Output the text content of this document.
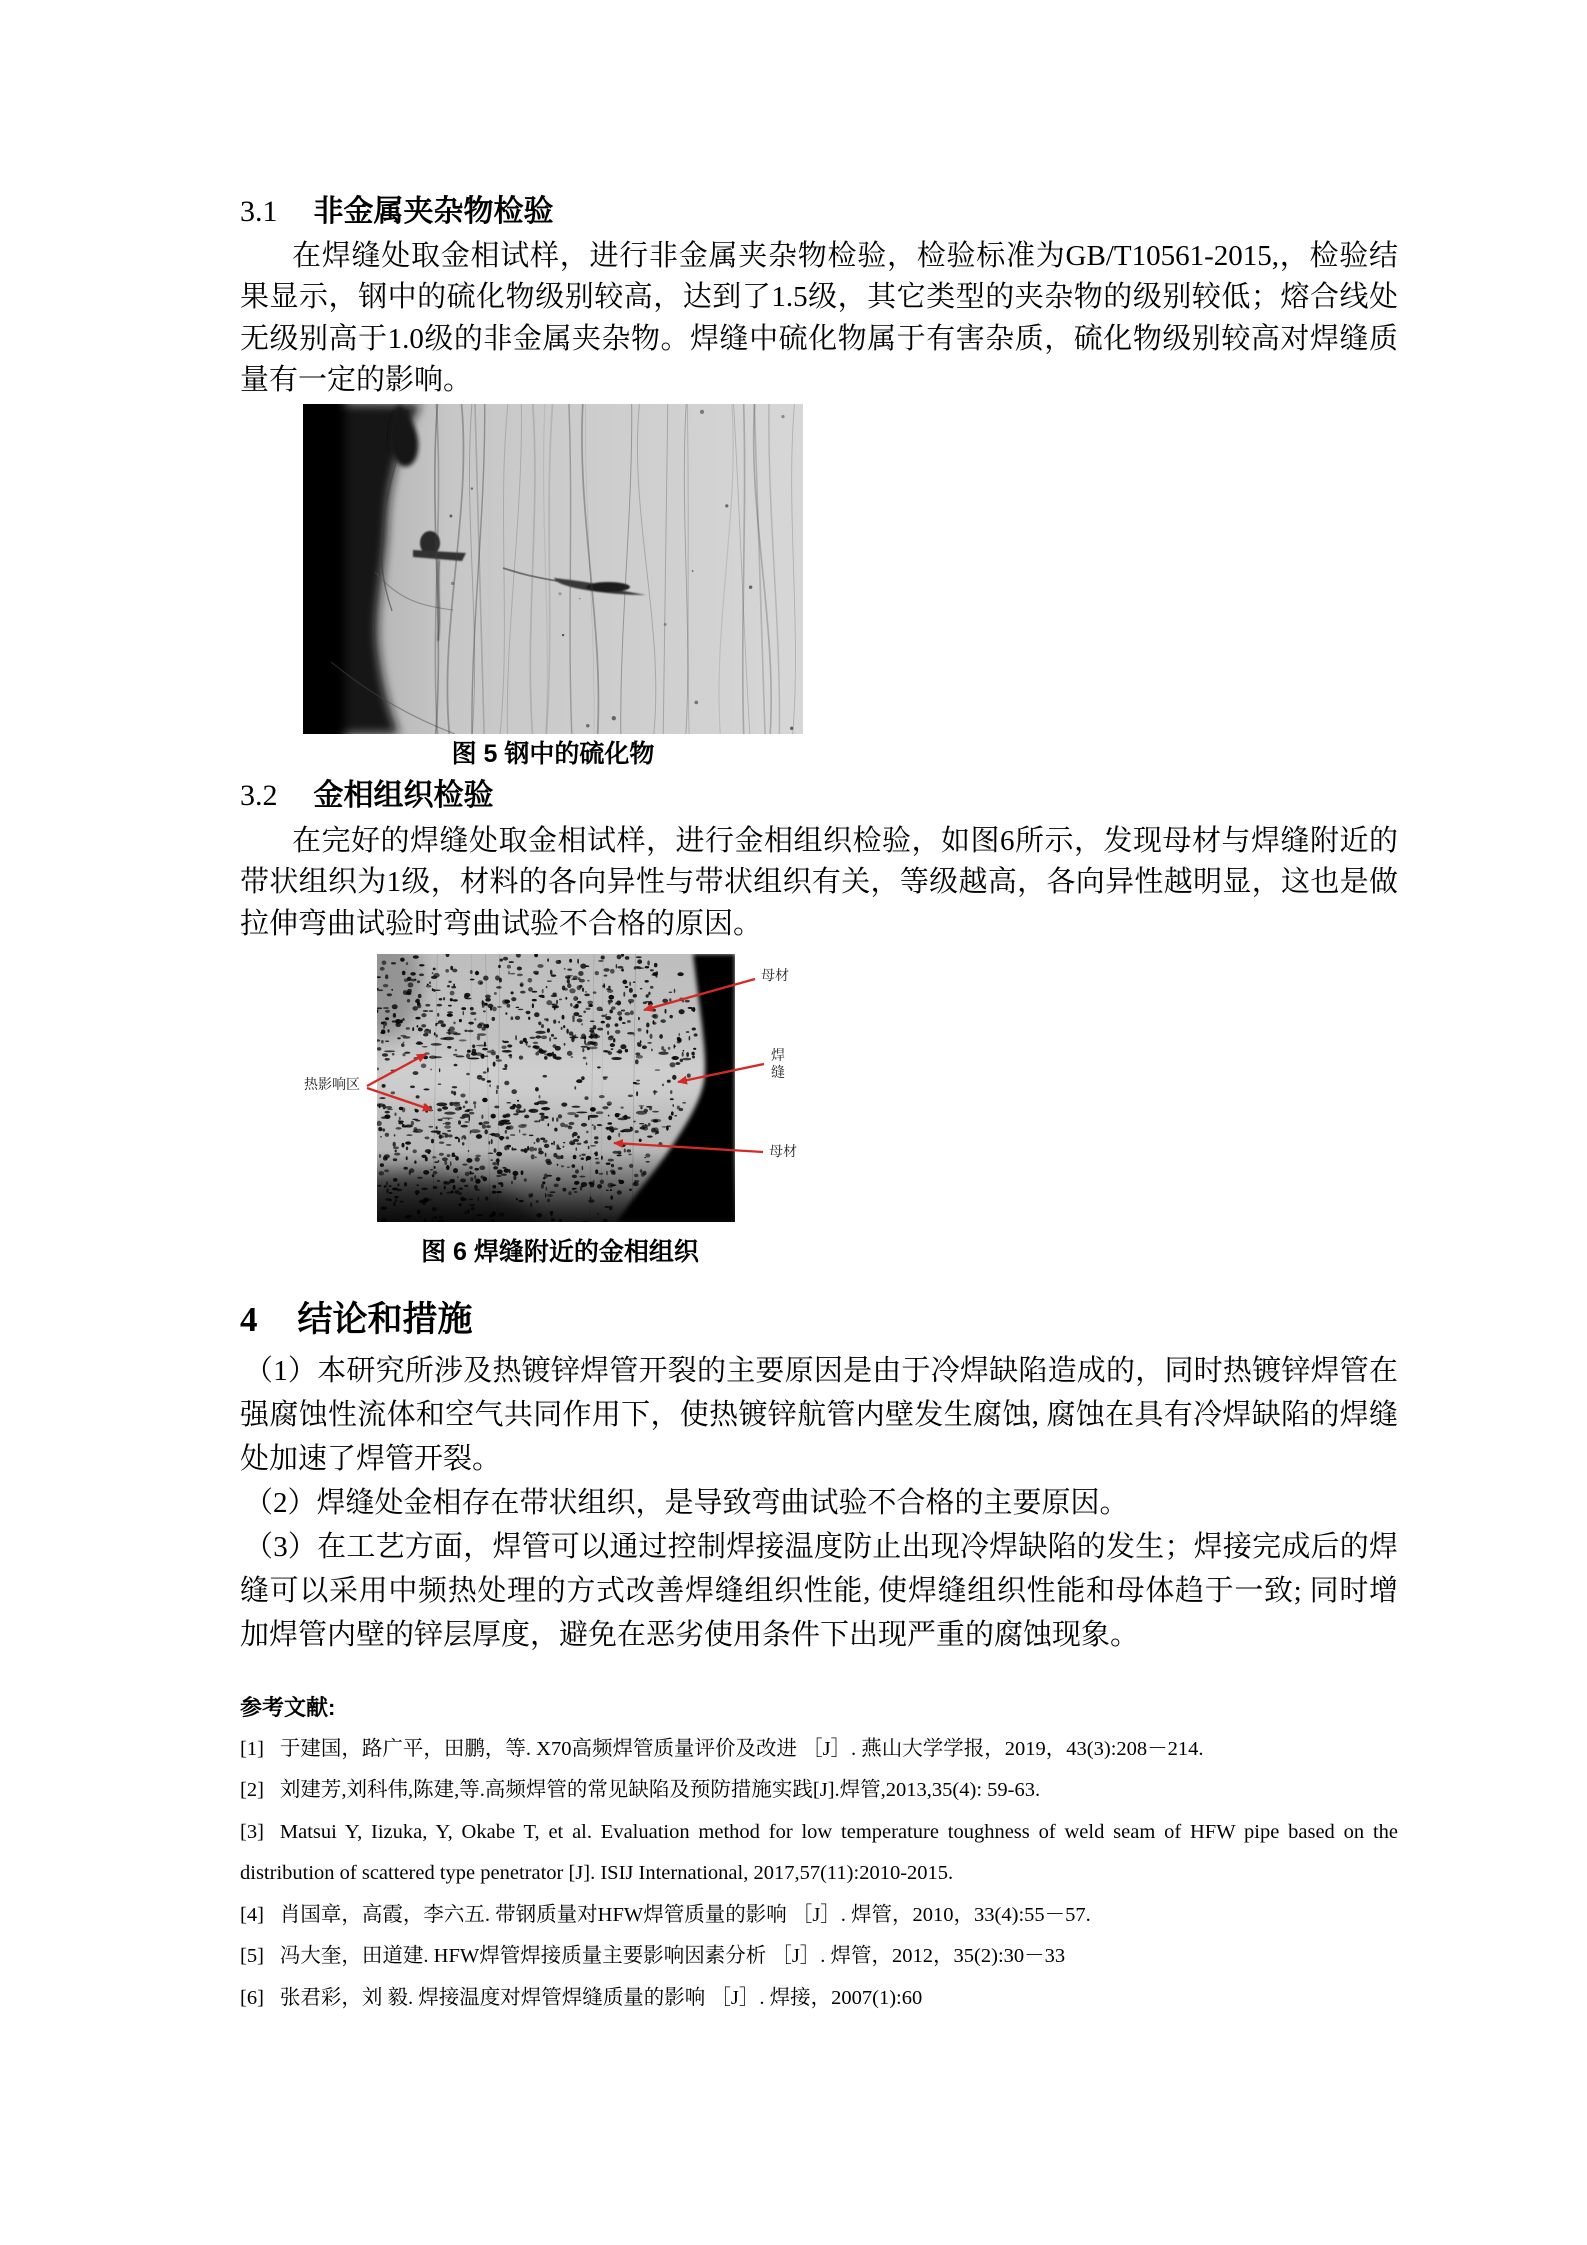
3.1 非金属夹杂物检验
在焊缝处取金相试样，进行非金属夹杂物检验，检验标准为GB/T10561-2015,，检验结果显示，钢中的硫化物级别较高，达到了1.5级，其它类型的夹杂物的级别较低；熔合线处无级别高于1.0级的非金属夹杂物。焊缝中硫化物属于有害杂质，硫化物级别较高对焊缝质量有一定的影响。
图 5 钢中的硫化物
3.2 金相组织检验
在完好的焊缝处取金相试样，进行金相组织检验，如图6所示，发现母材与焊缝附近的带状组织为1级，材料的各向异性与带状组织有关，等级越高，各向异性越明显，这也是做拉伸弯曲试验时弯曲试验不合格的原因。
热影响区
母材
焊缝
母材
图 6 焊缝附近的金相组织
4 结论和措施

（1）本研究所涉及热镀锌焊管开裂的主要原因是由于冷焊缺陷造成的，同时热镀锌焊管在强腐蚀性流体和空气共同作用下，使热镀锌航管内壁发生腐蚀, 腐蚀在具有冷焊缺陷的焊缝处加速了焊管开裂。

（2）焊缝处金相存在带状组织，是导致弯曲试验不合格的主要原因。

（3）在工艺方面，焊管可以通过控制焊接温度防止出现冷焊缺陷的发生；焊接完成后的焊缝可以采用中频热处理的方式改善焊缝组织性能, 使焊缝组织性能和母体趋于一致; 同时增加焊管内壁的锌层厚度，避免在恶劣使用条件下出现严重的腐蚀现象。

参考文献:

[1] 于建国，路广平，田鹏，等. X70高频焊管质量评价及改进 ［J］. 燕山大学学报，2019，43(3):208－214.

[2] 刘建芳,刘科伟,陈建,等.高频焊管的常见缺陷及预防措施实践[J].焊管,2013,35(4): 59-63.

[3] Matsui Y, Iizuka, Y, Okabe T, et al. Evaluation method for low temperature toughness of weld seam of HFW pipe based on the distribution of scattered type penetrator [J]. ISIJ International, 2017,57(11):2010-2015.

[4] 肖国章，高霞，李六五. 带钢质量对HFW焊管质量的影响 ［J］. 焊管，2010，33(4):55－57.

[5] 冯大奎，田道建. HFW焊管焊接质量主要影响因素分析 ［J］. 焊管，2012，35(2):30－33

[6] 张君彩，刘 毅. 焊接温度对焊管焊缝质量的影响 ［J］. 焊接，2007(1):60
